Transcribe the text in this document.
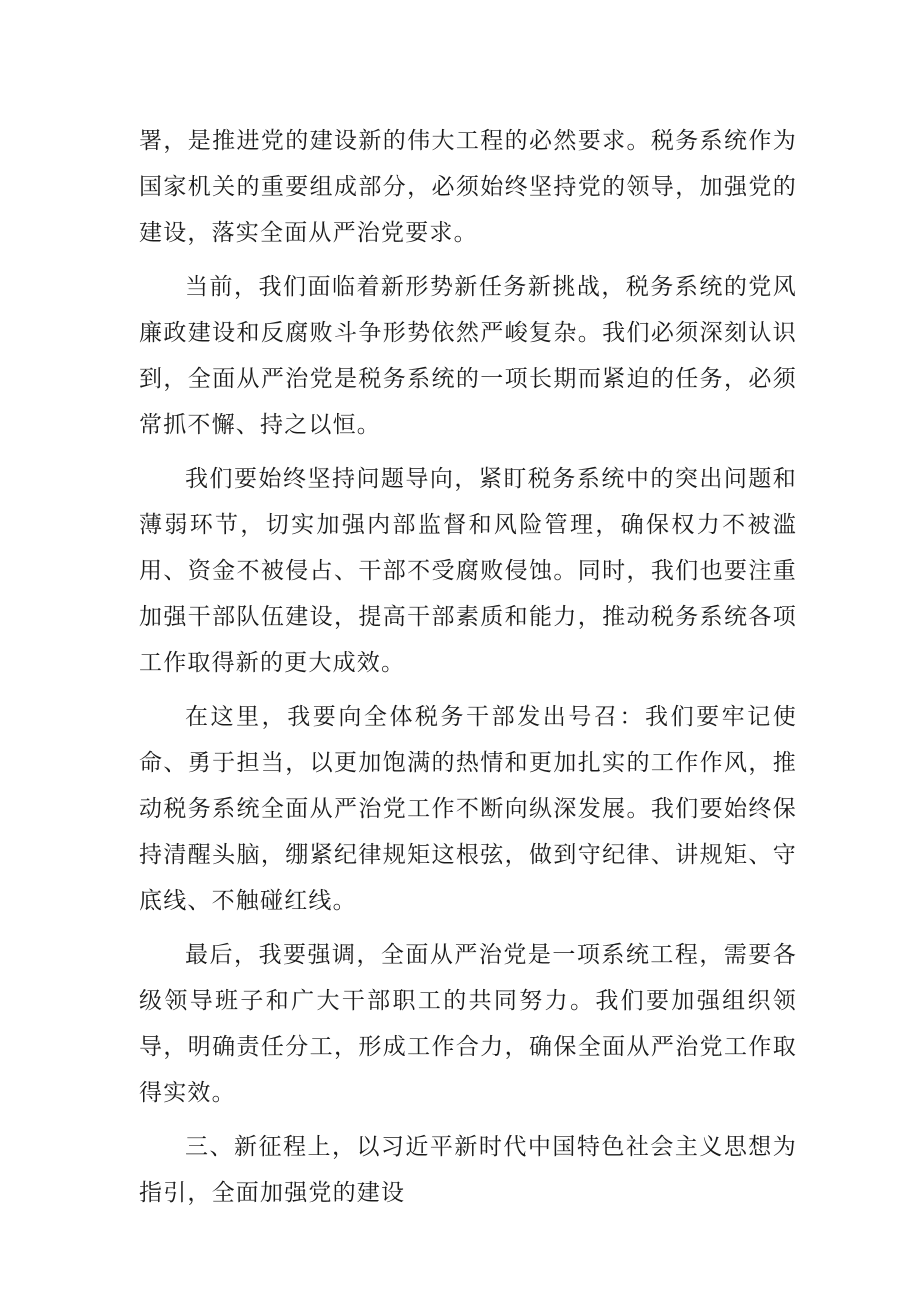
署，是推进党的建设新的伟大工程的必然要求。税务系统作为国家机关的重要组成部分，必须始终坚持党的领导，加强党的建设，落实全面从严治党要求。

当前，我们面临着新形势新任务新挑战，税务系统的党风廉政建设和反腐败斗争形势依然严峻复杂。我们必须深刻认识到，全面从严治党是税务系统的一项长期而紧迫的任务，必须常抓不懈、持之以恒。

我们要始终坚持问题导向，紧盯税务系统中的突出问题和薄弱环节，切实加强内部监督和风险管理，确保权力不被滥用、资金不被侵占、干部不受腐败侵蚀。同时，我们也要注重加强干部队伍建设，提高干部素质和能力，推动税务系统各项工作取得新的更大成效。

在这里，我要向全体税务干部发出号召：我们要牢记使命、勇于担当，以更加饱满的热情和更加扎实的工作作风，推动税务系统全面从严治党工作不断向纵深发展。我们要始终保持清醒头脑，绷紧纪律规矩这根弦，做到守纪律、讲规矩、守底线、不触碰红线。

最后，我要强调，全面从严治党是一项系统工程，需要各级领导班子和广大干部职工的共同努力。我们要加强组织领导，明确责任分工，形成工作合力，确保全面从严治党工作取得实效。

三、新征程上，以习近平新时代中国特色社会主义思想为指引，全面加强党的建设
